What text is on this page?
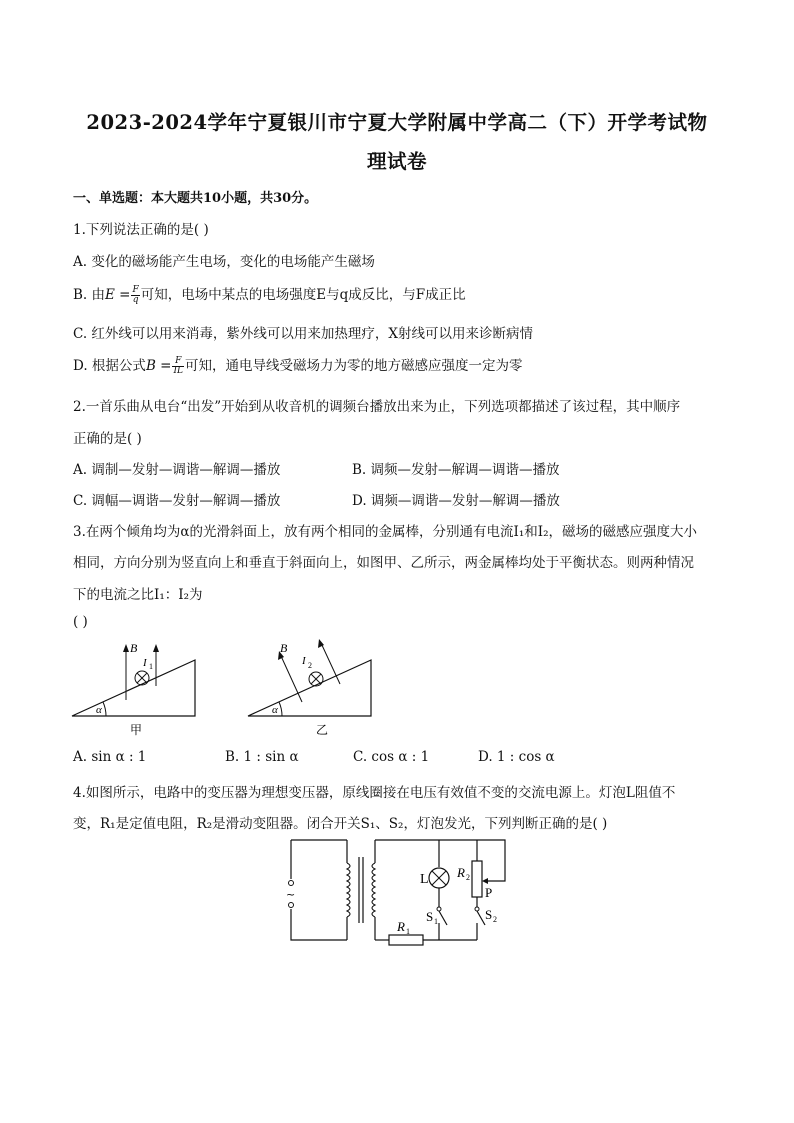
2023-2024学年宁夏银川市宁夏大学附属中学高二（下）开学考试物
理试卷
一、单选题：本大题共10小题，共30分。
1.下列说法正确的是( )
A. 变化的磁场能产生电场，变化的电场能产生磁场
B. 由$E = \frac{F}{q}$ 可知，电场中某点的电场强度E与q成反比，与F成正比
C. 红外线可以用来消毒，紫外线可以用来加热理疗，X射线可以用来诊断病情
D. 根据公式$B = \frac{F}{IL}$ 可知，通电导线受磁场力为零的地方磁感应强度一定为零
2.一首乐曲从电台“出发”开始到从收音机的调频台播放出来为止，下列选项都描述了该过程，其中顺序
正确的是( )
A. 调制—发射—调谐—解调—播放	B. 调频—发射—解调—调谐—播放
C. 调幅—调谐—发射—解调—播放	D. 调频—调谐—发射—解调—播放
3.在两个倾角均为α的光滑斜面上，放有两个相同的金属棒，分别通有电流I₁和I₂，磁场的磁感应强度大小
相同，方向分别为竖直向上和垂直于斜面向上，如图甲、乙所示，两金属棒均处于平衡状态。则两种情况
下的电流之比I₁：I₂为
( )
α
B
I 1
甲
α
B
I 2
乙
A. sin α : 1	B. 1 : sin α	C. cos α : 1	D. 1 : cos α
4.如图所示，电路中的变压器为理想变压器，原线圈接在电压有效值不变的交流电源上。灯泡L阻值不
变，R₁是定值电阻，R₂是滑动变阻器。闭合开关S₁、S₂，灯泡发光，下列判断正确的是( )
~
L
S 1
R 2
P
S 2
R 1
